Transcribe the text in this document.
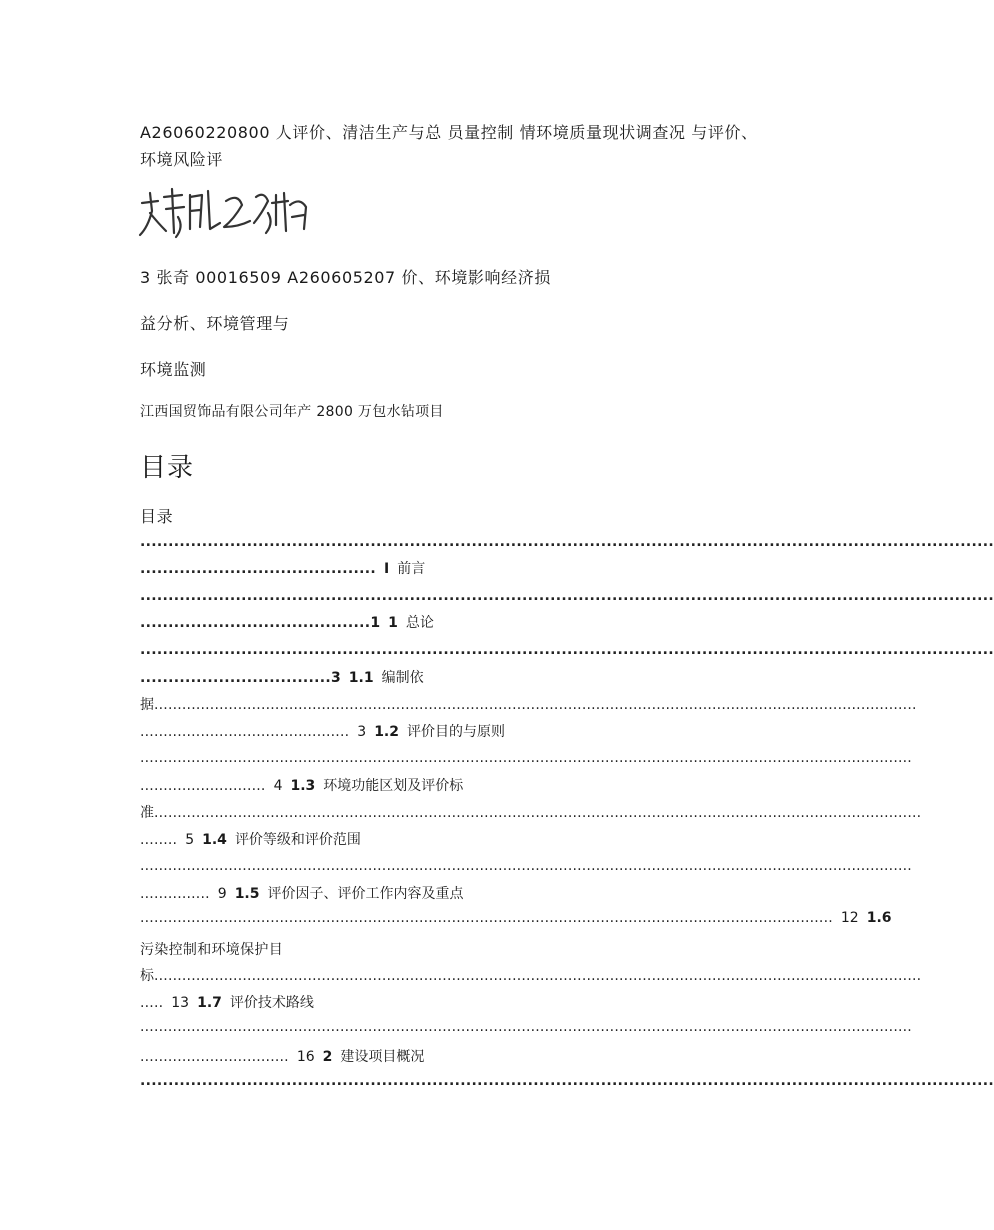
A26060220800 人评价、清洁生产与总 员量控制 情环境质量现状调查况 与评价、
环境风险评
3 张奇 00016509 A260605207 价、环境影响经济损
益分析、环境管理与
环境监测
江西国贸饰品有限公司年产 2800 万包水钻项目
目录
目录
........................................................................................................................................................
.......................................... I 前言
........................................................................................................................................................
.........................................1 1 总论
........................................................................................................................................................
..................................3 1.1 编制依
据....................................................................................................................................................................
............................................. 3 1.2 评价目的与原则
......................................................................................................................................................................
........................... 4 1.3 环境功能区划及评价标
准.....................................................................................................................................................................
........ 5 1.4 评价等级和评价范围
......................................................................................................................................................................
............... 9 1.5 评价因子、评价工作内容及重点
..................................................................................................................................................... 12 1.6
污染控制和环境保护目
标.....................................................................................................................................................................
..... 13 1.7 评价技术路线
......................................................................................................................................................................
................................ 16 2 建设项目概况
........................................................................................................................................................
